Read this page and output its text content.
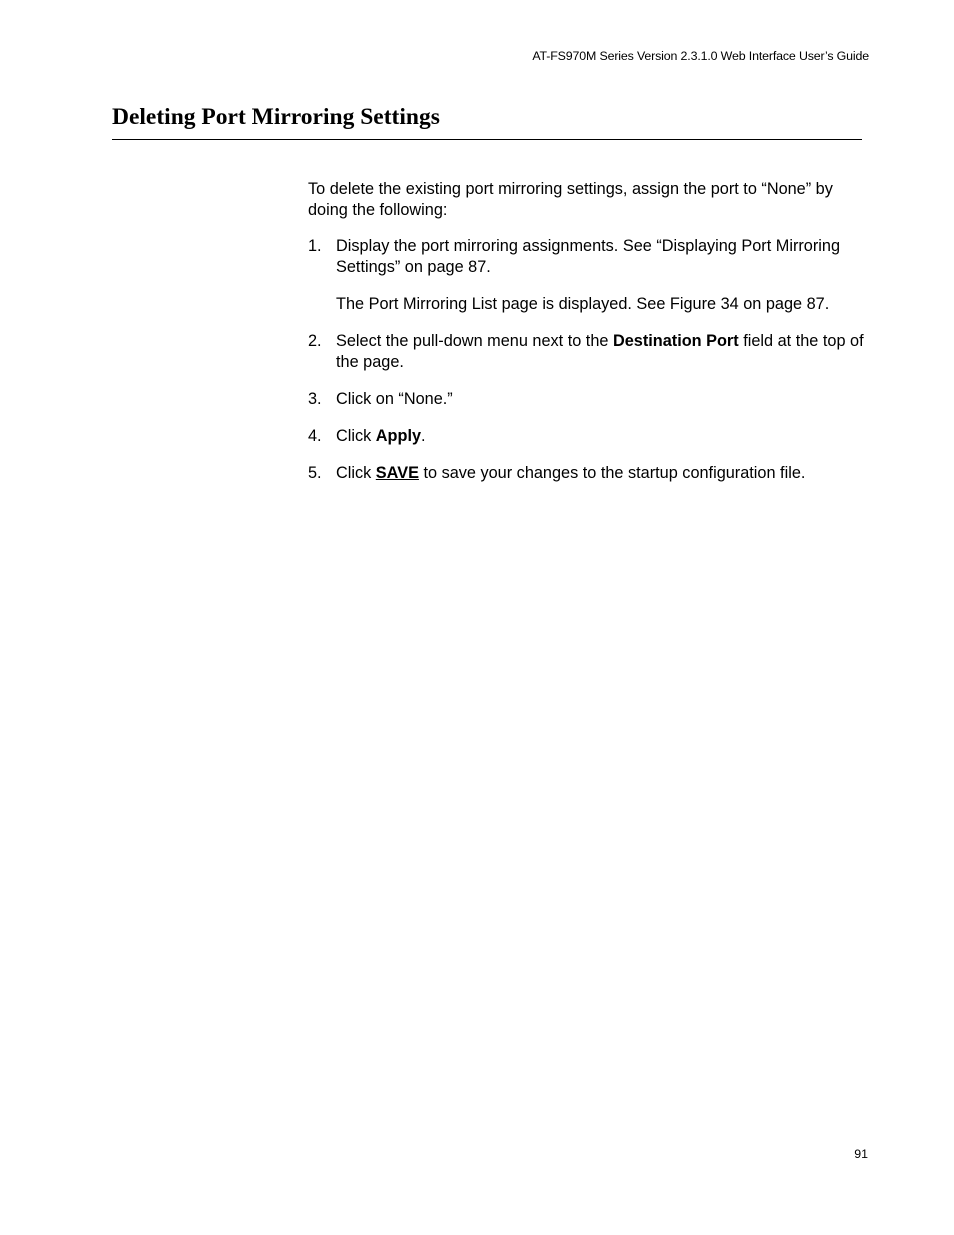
AT-FS970M Series Version 2.3.1.0 Web Interface User’s Guide
Deleting Port Mirroring Settings

To delete the existing port mirroring settings, assign the port to “None” by doing the following:

1. Display the port mirroring assignments. See “Displaying Port Mirroring Settings” on page 87.
The Port Mirroring List page is displayed. See Figure 34 on page 87.
2. Select the pull-down menu next to the Destination Port field at the top of the page.
3. Click on “None.”
4. Click Apply.
5. Click SAVE to save your changes to the startup configuration file.
91
